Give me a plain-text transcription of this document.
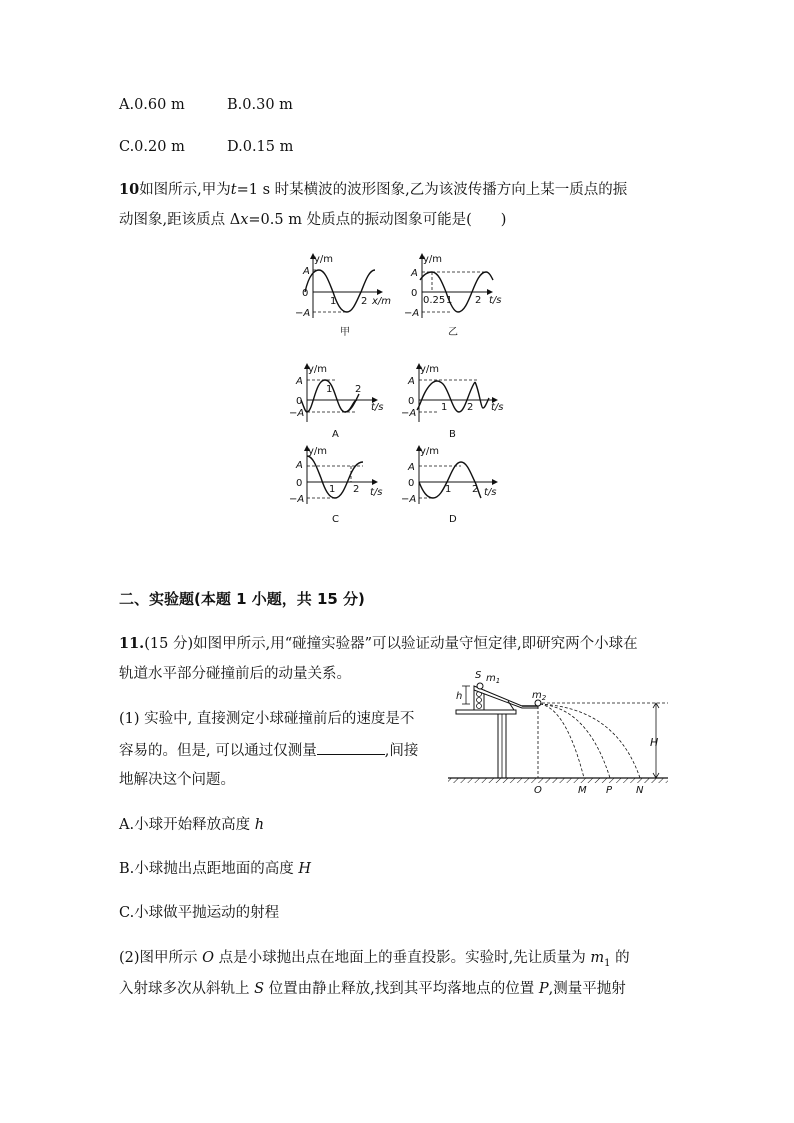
A.0.60 m	B.0.30 m
C.0.20 m	D.0.15 m
10如图所示,甲为t=1 s 时某横波的波形图象,乙为该波传播方向上某一质点的振
动图象,距该质点 Δx=0.5 m 处质点的振动图象可能是(　　)
y/m
A
0
−A
1 2 x/m
甲
y/m
A
0
−A
0.25 1 2 t/s
乙
y/m
A
0
−A
1 2
t/s
A
y/m
A
0
−A
1 2 t/s
B
y/m
A
0
−A
1 2 t/s
C
y/m
A
0
−A
1 2 t/s
D
二、实验题(本题 1 小题，共 15 分)
11.(15 分)如图甲所示,用“碰撞实验器”可以验证动量守恒定律,即研究两个小球在
轨道水平部分碰撞前后的动量关系。
(1) 实验中, 直接测定小球碰撞前后的速度是不
容易的。但是, 可以通过仅测量	,间接
地解决这个问题。
A.小球开始释放高度 h
B.小球抛出点距地面的高度 H
C.小球做平抛运动的射程
(2)图甲所示 O 点是小球抛出点在地面上的垂直投影。实验时,先让质量为 $m_1$ 的
入射球多次从斜轨上 S 位置由静止释放,找到其平均落地点的位置 P,测量平抛射
h
S $m_1$
$m_2$
H
O	M P N
